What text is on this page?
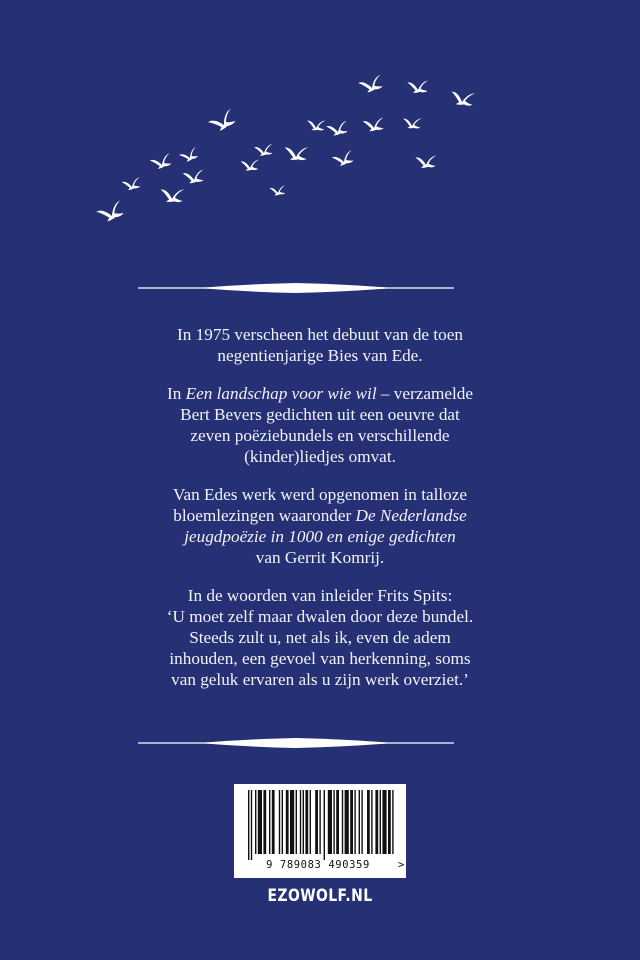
In 1975 verscheen het debuut van de toen
negentienjarige Bies van Ede.

In Een landschap voor wie wil – verzamelde
Bert Bevers gedichten uit een oeuvre dat
zeven poëziebundels en verschillende
(kinder)liedjes omvat.

Van Edes werk werd opgenomen in talloze
bloemlezingen waaronder De Nederlandse
jeugdpoëzie in 1000 en enige gedichten
van Gerrit Komrij.

In de woorden van inleider Frits Spits:
‘U moet zelf maar dwalen door deze bundel.
Steeds zult u, net als ik, even de adem
inhouden, een gevoel van herkenning, soms
van geluk ervaren als u zijn werk overziet.’

9 789083 490359	>
EZOWOLF.NL
